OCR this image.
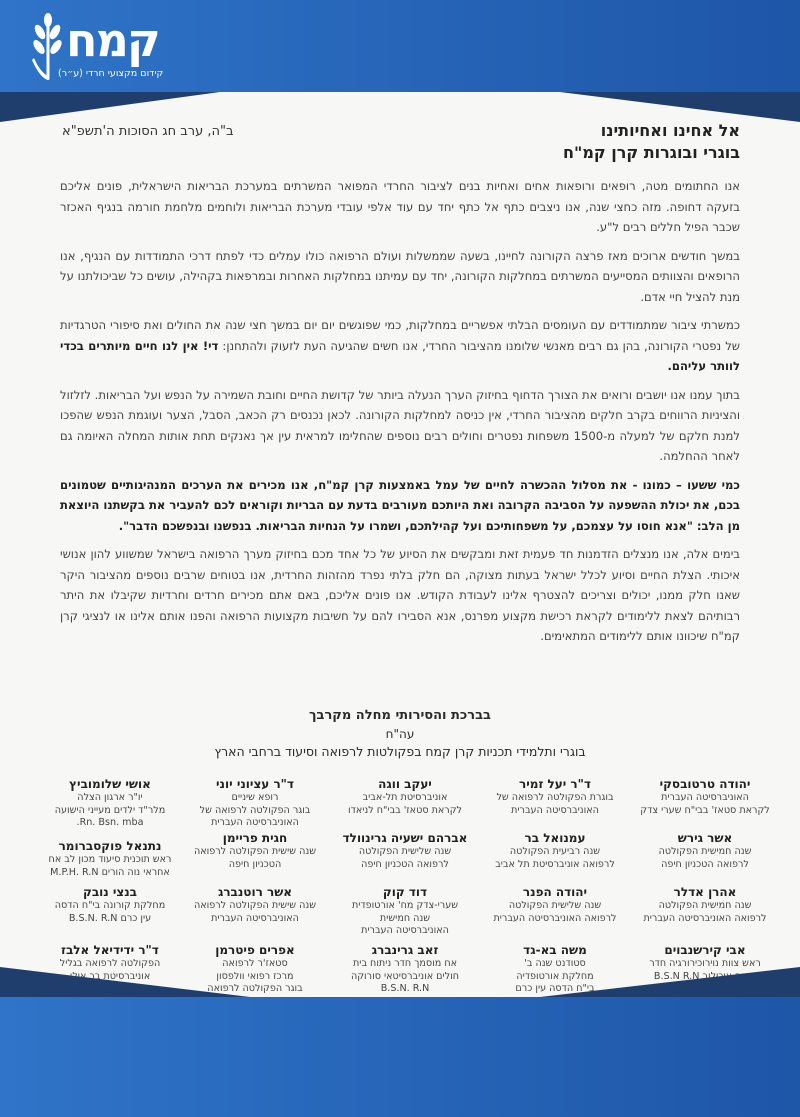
קמח
קידום מקצועי חרדי (ע״ר)
ב"ה, ערב חג הסוכות ה'תשפ"א	אל אחינו ואחיותינו

בוגרי ובוגרות קרן קמ"ח

אנו החתומים מטה, רופאים ורופאות אחים ואחיות בנים לציבור החרדי המפואר המשרתים במערכת הבריאות הישראלית, פונים אליכם בזעקה דחופה. מזה כחצי שנה, אנו ניצבים כתף אל כתף יחד עם עוד אלפי עובדי מערכת הבריאות ולוחמים מלחמת חורמה בנגיף האכזר שכבר הפיל חללים רבים ל"ע.

במשך חודשים ארוכים מאז פרצה הקורונה לחיינו, בשעה שממשלות ועולם הרפואה כולו עמלים כדי לפתח דרכי התמודדות עם הנגיף, אנו הרופאים והצוותים המסייעים המשרתים במחלקות הקורונה, יחד עם עמיתנו במחלקות האחרות ובמרפאות בקהילה, עושים כל שביכולתנו על מנת להציל חיי אדם.

כמשרתי ציבור שמתמודדים עם העומסים הבלתי אפשריים במחלקות, כמי שפוגשים יום יום במשך חצי שנה את החולים ואת סיפורי הטרגדיות של נפטרי הקורונה, בהן גם רבים מאנשי שלומנו מהציבור החרדי, אנו חשים שהגיעה העת לזעוק ולהתחנן: די! אין לנו חיים מיותרים בכדי לוותר עליהם.

בתוך עמנו אנו יושבים ורואים את הצורך הדחוף בחיזוק הערך הנעלה ביותר של קדושת החיים וחובת השמירה על הנפש ועל הבריאות. לזלזול והציניות הרווחים בקרב חלקים מהציבור החרדי, אין כניסה למחלקות הקורונה. לכאן נכנסים רק הכאב, הסבל, הצער ועוגמת הנפש שהפכו למנת חלקם של למעלה מ-1500 משפחות נפטרים וחולים רבים נוספים שהחלימו למראית עין אך נאנקים תחת אותות המחלה האיומה גם לאחר ההחלמה.

כמי ששעו – כמונו - את מסלול ההכשרה לחיים של עמל באמצעות קרן קמ"ח, אנו מכירים את הערכים המנהיגותיים שטמונים בכם, את יכולת ההשפעה על הסביבה הקרובה ואת היותכם מעורבים בדעת עם הבריות וקוראים לכם להעביר את בקשתנו היוצאת מן הלב: "אנא חוסו על עצמכם, על משפחותיכם ועל קהילתכם, ושמרו על הנחיות הבריאות. בנפשנו ובנפשכם הדבר".

בימים אלה, אנו מנצלים הזדמנות חד פעמית זאת ומבקשים את הסיוע של כל אחד מכם בחיזוק מערך הרפואה בישראל שמשווע להון אנושי איכותי. הצלת החיים וסיוע לכלל ישראל בעתות מצוקה, הם חלק בלתי נפרד מהזהות החרדית, אנו בטוחים שרבים נוספים מהציבור היקר שאנו חלק ממנו, יכולים וצריכים להצטרף אלינו לעבודת הקודש. אנו פונים אליכם, באם אתם מכירים חרדים וחרדיות שקיבלו את היתר רבותיהם לצאת ללימודים לקראת רכישת מקצוע מפרנס, אנא הסבירו להם על חשיבות מקצועות הרפואה והפנו אותם אלינו או לנציגי קרן קמ"ח שיכוונו אותם ללימודים המתאימים.

בברכת והסירותי מחלה מקרבך
עה"ח
בוגרי ותלמידי תכניות קרן קמח בפקולטות לרפואה וסיעוד ברחבי הארץ
יהודה טרטובסקי
האוניברסיטה העברית
לקראת סטאז' בבי"ח שערי צדק
ד"ר יעל זמיר
בוגרת הפקולטה לרפואה של
האוניברסיטה העברית
יעקב ווגה
אוניברסיטת תל-אביב
לקראת סטאז' בבי"ח לניאדו
ד"ר עציוני יוני
רופא שיניים
בוגר הפקולטה לרפואה של
האוניברסיטה העברית
אושי שלומוביץ
יו"ר ארגון הצלה
מלר"ד ילדים מעייני הישועה
Rn. Bsn. mba.
אשר גירש
שנה חמישית הפקולטה
לרפואה הטכניון חיפה
עמנואל בר
שנה רביעית הפקולטה
לרפואה אוניברסיטת תל אביב
אברהם ישעיה גרינוולד
שנה שלישית הפקולטה
לרפואה הטכניון חיפה
חגית פריימן
שנה שישית הפקולטה לרפואה
הטכניון חיפה
נתנאל פוקסברומר
ראש תוכנית סיעוד מכון לב אח
אחראי נוה הורים M.P.H. R.N
אהרן אדלר
שנה חמישית הפקולטה
לרפואה האוניברסיטה העברית
יהודה הפנר
שנה שלישית הפקולטה
לרפואה האוניברסיטה העברית
דוד קוק
שערי-צדק מח' אורטופדית
שנה חמישית
האוניברסיטה העברית
אשר רוטנברג
שנה שישית הפקולטה לרפואה
האוניברסיטה העברית
בנצי נובק
מחלקת קורונה בי"ח הדסה
עין כרם B.S.N. R.N
אבי קירשנבוים
ראש צוות נוירוכירורגיה חדר
ניתוח איכילוב B.S.N R.N
משה בא-גד
סטודנט שנה ב'
מחלקת אורטופדיה
בי"ח הדסה עין כרם
זאב גרינברג
אח מוסמך חדר ניתוח בית
חולים אוניברסיטאי סורוקה
B.S.N. R.N
אפרים פיטרמן
סטאז'ר לרפואה
מרכז רפואי וולפסון
בוגר הפקולטה לרפואה
ד"ר ידידיאל אלבז
הפקולטה לרפואה בגליל
אוניברסיטת בר אילן
בית החולים "העמק"
